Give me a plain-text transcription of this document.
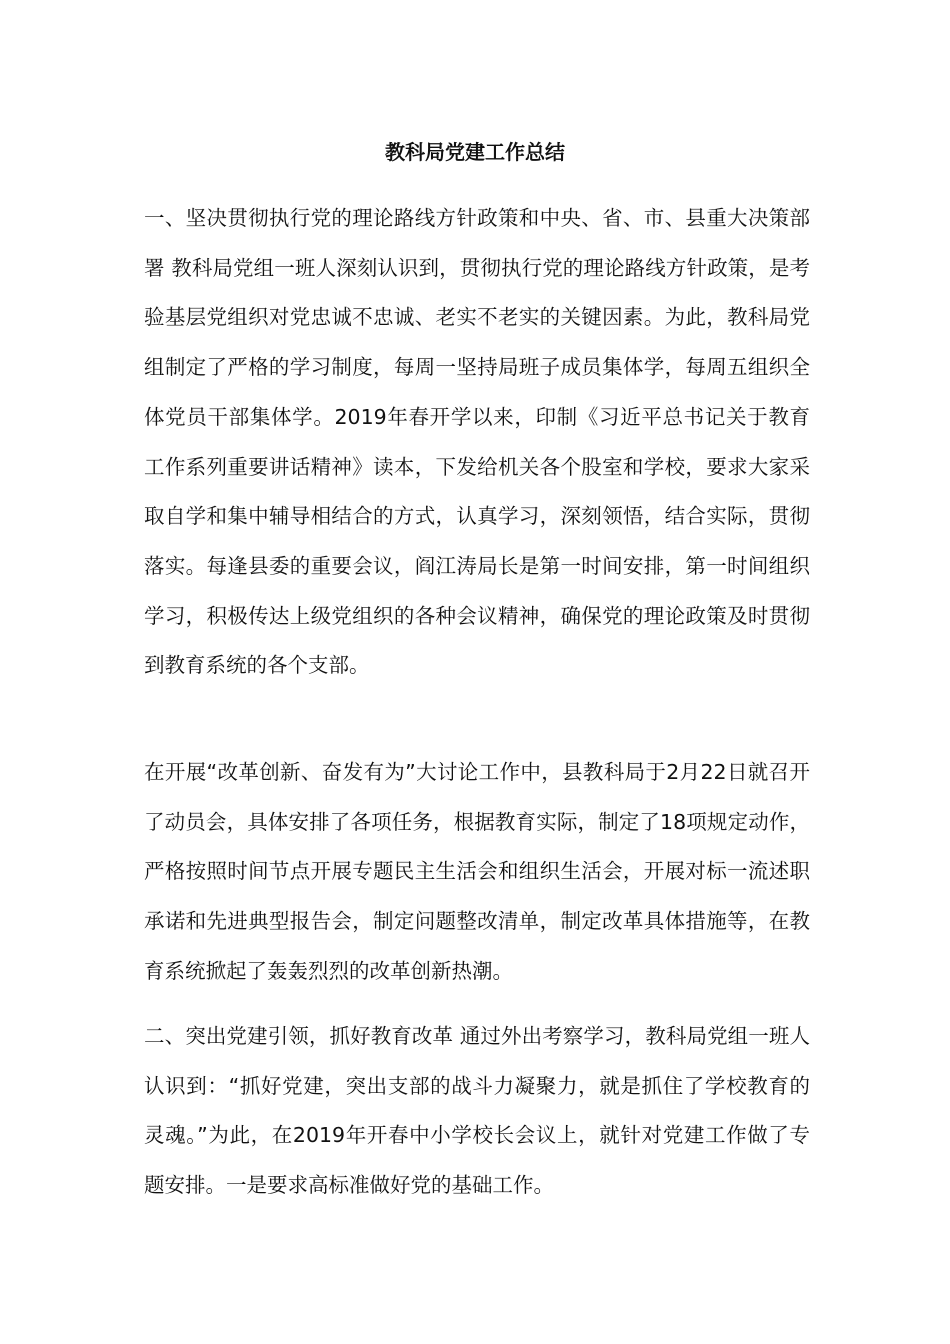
教科局党建工作总结

一、坚决贯彻执行党的理论路线方针政策和中央、省、市、县重大决策部署 教科局党组一班人深刻认识到，贯彻执行党的理论路线方针政策，是考验基层党组织对党忠诚不忠诚、老实不老实的关键因素。为此，教科局党组制定了严格的学习制度，每周一坚持局班子成员集体学，每周五组织全体党员干部集体学。2019年春开学以来，印制《习近平总书记关于教育工作系列重要讲话精神》读本，下发给机关各个股室和学校，要求大家采取自学和集中辅导相结合的方式，认真学习，深刻领悟，结合实际，贯彻落实。每逢县委的重要会议，阎江涛局长是第一时间安排，第一时间组织学习，积极传达上级党组织的各种会议精神，确保党的理论政策及时贯彻到教育系统的各个支部。

在开展“改革创新、奋发有为”大讨论工作中，县教科局于2月22日就召开了动员会，具体安排了各项任务，根据教育实际，制定了18项规定动作，严格按照时间节点开展专题民主生活会和组织生活会，开展对标一流述职承诺和先进典型报告会，制定问题整改清单，制定改革具体措施等，在教育系统掀起了轰轰烈烈的改革创新热潮。

二、突出党建引领，抓好教育改革 通过外出考察学习，教科局党组一班人认识到：“抓好党建，突出支部的战斗力凝聚力，就是抓住了学校教育的灵魂。”为此，在2019年开春中小学校长会议上，就针对党建工作做了专题安排。一是要求高标准做好党的基础工作。
